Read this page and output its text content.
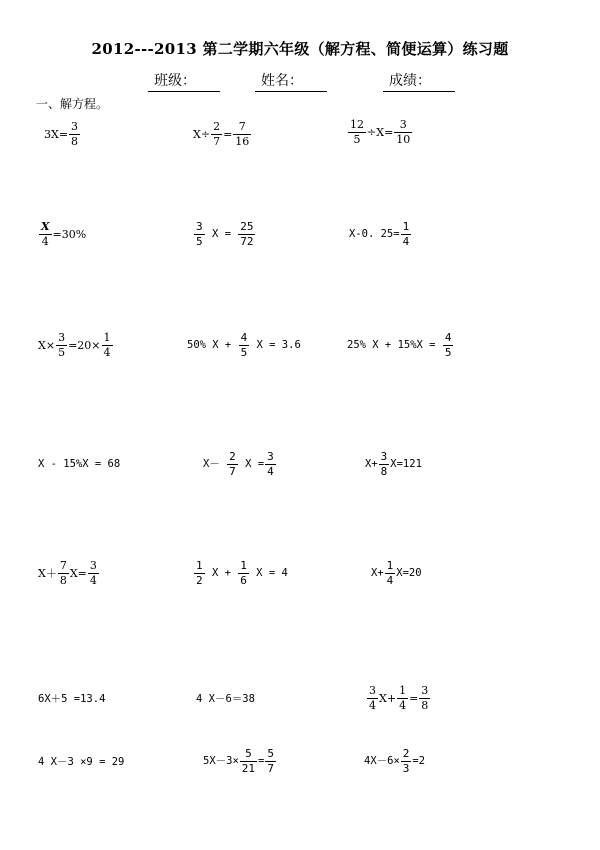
2012---2013 第二学期六年级（解方程、简便运算）练习题
班级：	姓名：	成绩：
一、解方程。
$3X= \frac{3}{8}$	$X\div \frac{2}{7} = \frac{7}{16}$	$\frac{12}{5} \div X= \frac{3}{10}$
$\frac{X}{4} =30\%$	$\frac{3}{5}$ $X = \frac{25}{72}$	X-0. $25= \frac{1}{4}$
$X\times \frac{3}{5} =20\times \frac{1}{4}$	50% $X + \frac{4}{5}$ X = 3.6	25% $X + 15\%X = \frac{4}{5}$
X - 15%X = 68	$X- \frac{2}{7}$ $X = \frac{3}{4}$	$X+ \frac{3}{8} X=121$
$X+ \frac{7}{8} X= \frac{3}{4}$	$\frac{1}{2}$ $X + \frac{1}{6}$ X = 4	$X+ \frac{1}{4} X=20$
6X＋5 =13.4	4 X－6＝38	$\frac{3}{4} X+ \frac{1}{4} = \frac{3}{8}$
4 X－3 ×9 = 29	$5X-3\times \frac{5}{21} = \frac{5}{7}$	$4X-6\times \frac{2}{3} =2$
